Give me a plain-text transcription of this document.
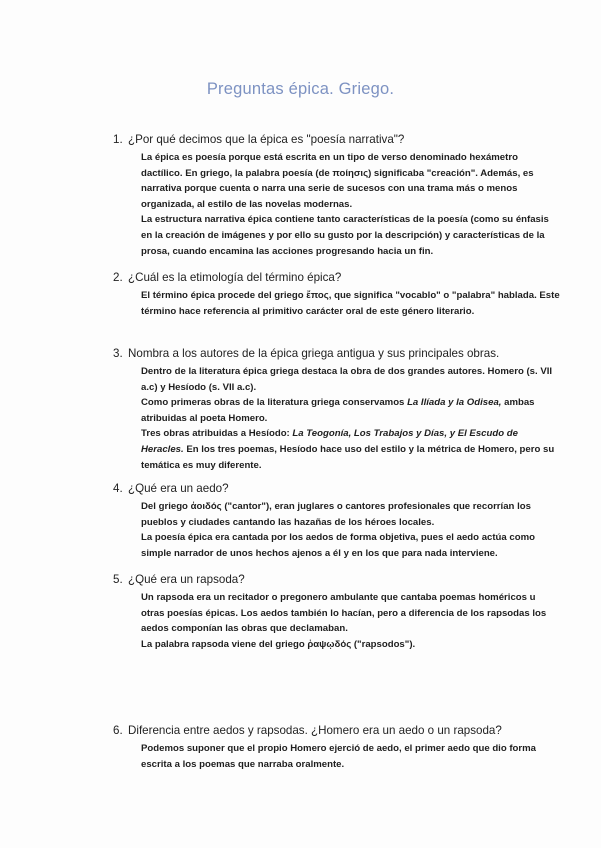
Preguntas épica. Griego.
1. ¿Por qué decimos que la épica es "poesía narrativa"?

La épica es poesía porque está escrita en un tipo de verso denominado hexámetro dactílico. En griego, la palabra poesía (de ποίησις) significaba "creación". Además, es narrativa porque cuenta o narra una serie de sucesos con una trama más o menos organizada, al estilo de las novelas modernas.

La estructura narrativa épica contiene tanto características de la poesía (como su énfasis en la creación de imágenes y por ello su gusto por la descripción) y características de la prosa, cuando encamina las acciones progresando hacia un fin.

2. ¿Cuál es la etimología del término épica?

El término épica procede del griego ἔπος, que significa "vocablo" o "palabra" hablada. Este término hace referencia al primitivo carácter oral de este género literario.

3. Nombra a los autores de la épica griega antigua y sus principales obras.

Dentro de la literatura épica griega destaca la obra de dos grandes autores. Homero (s. VII a.c) y Hesíodo (s. VII a.c).

Como primeras obras de la literatura griega conservamos La Ilíada y la Odisea, ambas atribuidas al poeta Homero.

Tres obras atribuidas a Hesíodo: La Teogonía, Los Trabajos y Días, y El Escudo de Heracles. En los tres poemas, Hesíodo hace uso del estilo y la métrica de Homero, pero su temática es muy diferente.

4. ¿Qué era un aedo?

Del griego ἀοιδός ("cantor"), eran juglares o cantores profesionales que recorrían los pueblos y ciudades cantando las hazañas de los héroes locales.

La poesía épica era cantada por los aedos de forma objetiva, pues el aedo actúa como simple narrador de unos hechos ajenos a él y en los que para nada interviene.

5. ¿Qué era un rapsoda?

Un rapsoda era un recitador o pregonero ambulante que cantaba poemas homéricos u otras poesías épicas. Los aedos también lo hacían, pero a diferencia de los rapsodas los aedos componían las obras que declamaban.

La palabra rapsoda viene del griego ῥαψῳδός ("rapsodos").

6. Diferencia entre aedos y rapsodas. ¿Homero era un aedo o un rapsoda?

Podemos suponer que el propio Homero ejerció de aedo, el primer aedo que dio forma escrita a los poemas que narraba oralmente.
